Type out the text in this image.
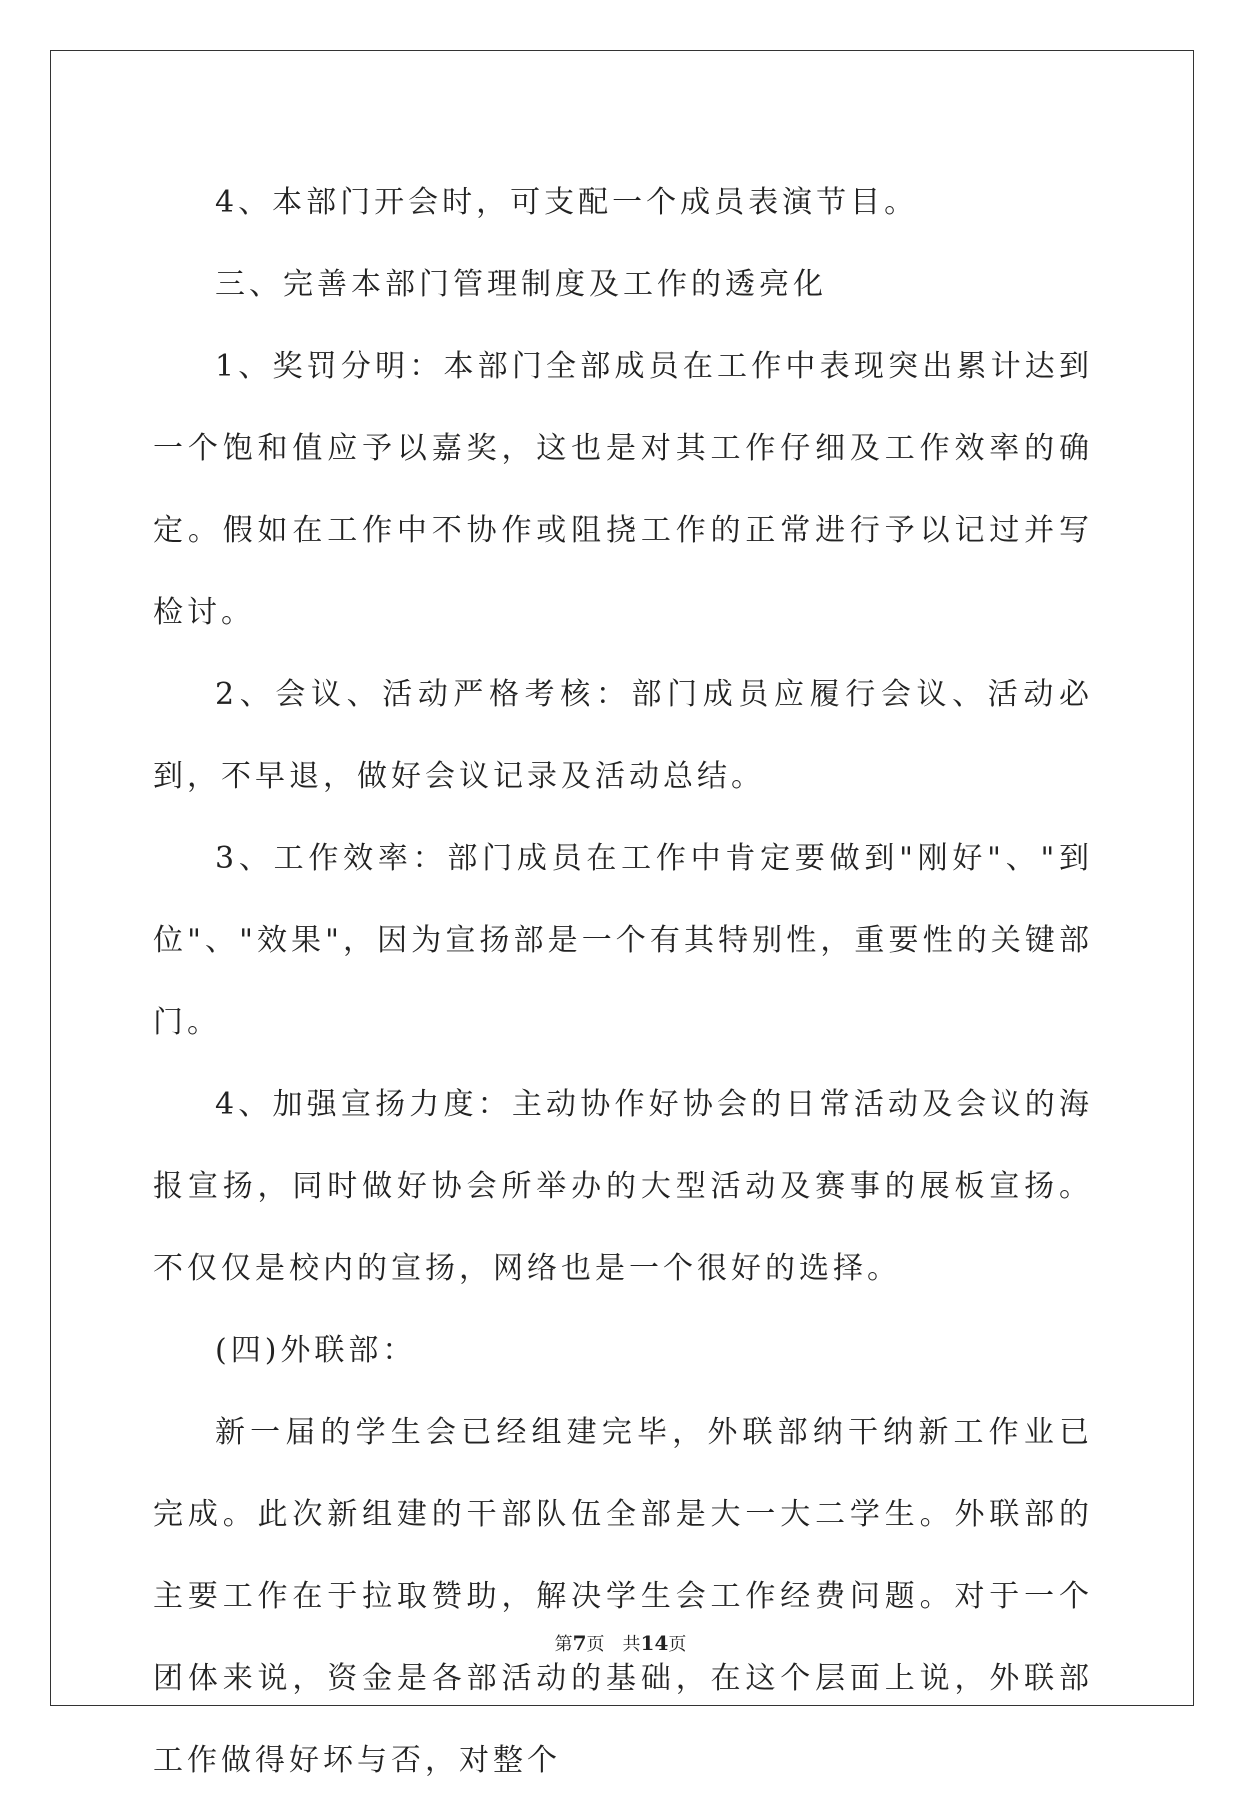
4、本部门开会时，可支配一个成员表演节目。

三、完善本部门管理制度及工作的透亮化

1、奖罚分明：本部门全部成员在工作中表现突出累计达到一个饱和值应予以嘉奖，这也是对其工作仔细及工作效率的确定。假如在工作中不协作或阻挠工作的正常进行予以记过并写检讨。

2、会议、活动严格考核：部门成员应履行会议、活动必到，不早退，做好会议记录及活动总结。

3、工作效率：部门成员在工作中肯定要做到"刚好"、"到位"、"效果"，因为宣扬部是一个有其特别性，重要性的关键部门。

4、加强宣扬力度：主动协作好协会的日常活动及会议的海报宣扬，同时做好协会所举办的大型活动及赛事的展板宣扬。不仅仅是校内的宣扬，网络也是一个很好的选择。

(四)外联部：

新一届的学生会已经组建完毕，外联部纳干纳新工作业已完成。此次新组建的干部队伍全部是大一大二学生。外联部的主要工作在于拉取赞助，解决学生会工作经费问题。对于一个团体来说，资金是各部活动的基础，在这个层面上说，外联部工作做得好坏与否，对整个

第7页　共14页
